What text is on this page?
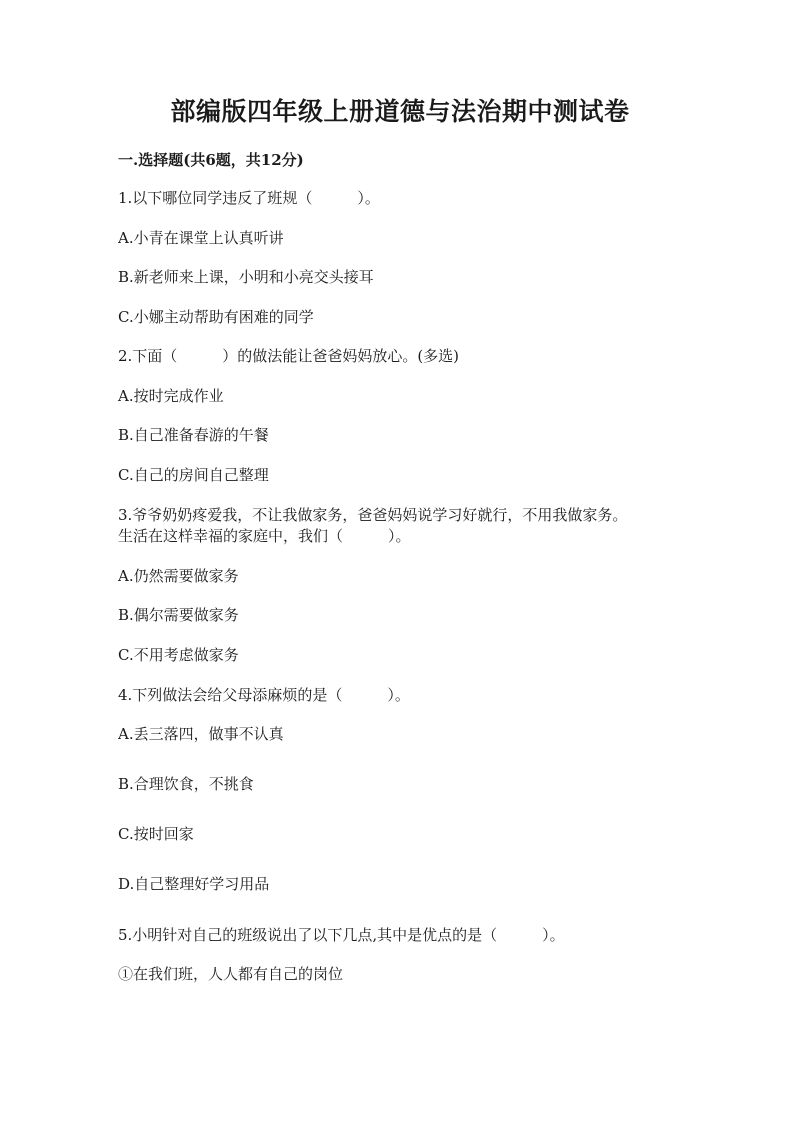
部编版四年级上册道德与法治期中测试卷
一.选择题(共6题，共12分)
1.以下哪位同学违反了班规（　　　）。
A.小青在课堂上认真听讲
B.新老师来上课，小明和小亮交头接耳
C.小娜主动帮助有困难的同学
2.下面（　　　）的做法能让爸爸妈妈放心。(多选)
A.按时完成作业
B.自己准备春游的午餐
C.自己的房间自己整理
3.爷爷奶奶疼爱我，不让我做家务，爸爸妈妈说学习好就行，不用我做家务。
生活在这样幸福的家庭中，我们（　　　）。
A.仍然需要做家务
B.偶尔需要做家务
C.不用考虑做家务
4.下列做法会给父母添麻烦的是（　　　）。
A.丢三落四，做事不认真
B.合理饮食，不挑食
C.按时回家
D.自己整理好学习用品
5.小明针对自己的班级说出了以下几点,其中是优点的是（　　　）。
①在我们班，人人都有自己的岗位
